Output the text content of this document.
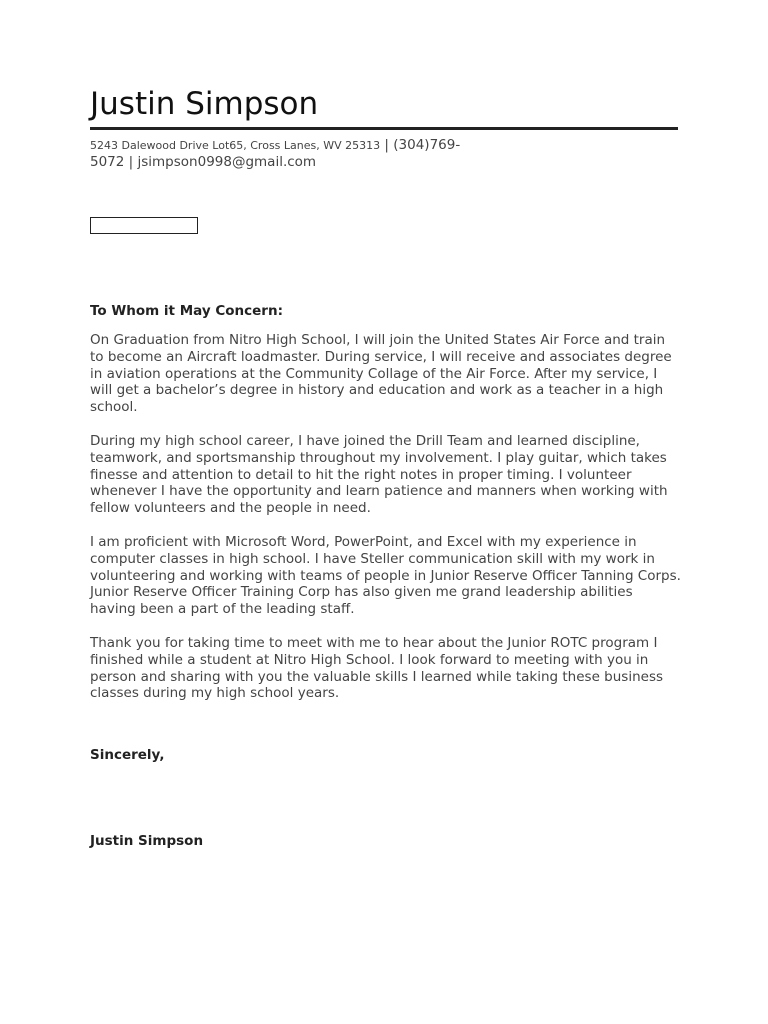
Justin Simpson
5243 Dalewood Drive Lot65, Cross Lanes, WV 25313 | (304)769-5072 | jsimpson0998@gmail.com
To Whom it May Concern:

On Graduation from Nitro High School, I will join the United States Air Force and train to become an Aircraft loadmaster. During service, I will receive and associates degree in aviation operations at the Community Collage of the Air Force. After my service, I will get a bachelor’s degree in history and education and work as a teacher in a high school.

During my high school career, I have joined the Drill Team and learned discipline, teamwork, and sportsmanship throughout my involvement. I play guitar, which takes finesse and attention to detail to hit the right notes in proper timing. I volunteer whenever I have the opportunity and learn patience and manners when working with fellow volunteers and the people in need.

I am proficient with Microsoft Word, PowerPoint, and Excel with my experience in computer classes in high school. I have Steller communication skill with my work in volunteering and working with teams of people in Junior Reserve Officer Tanning Corps. Junior Reserve Officer Training Corp has also given me grand leadership abilities having been a part of the leading staff.

Thank you for taking time to meet with me to hear about the Junior ROTC program I finished while a student at Nitro High School. I look forward to meeting with you in person and sharing with you the valuable skills I learned while taking these business classes during my high school years.

Sincerely,
Justin Simpson
